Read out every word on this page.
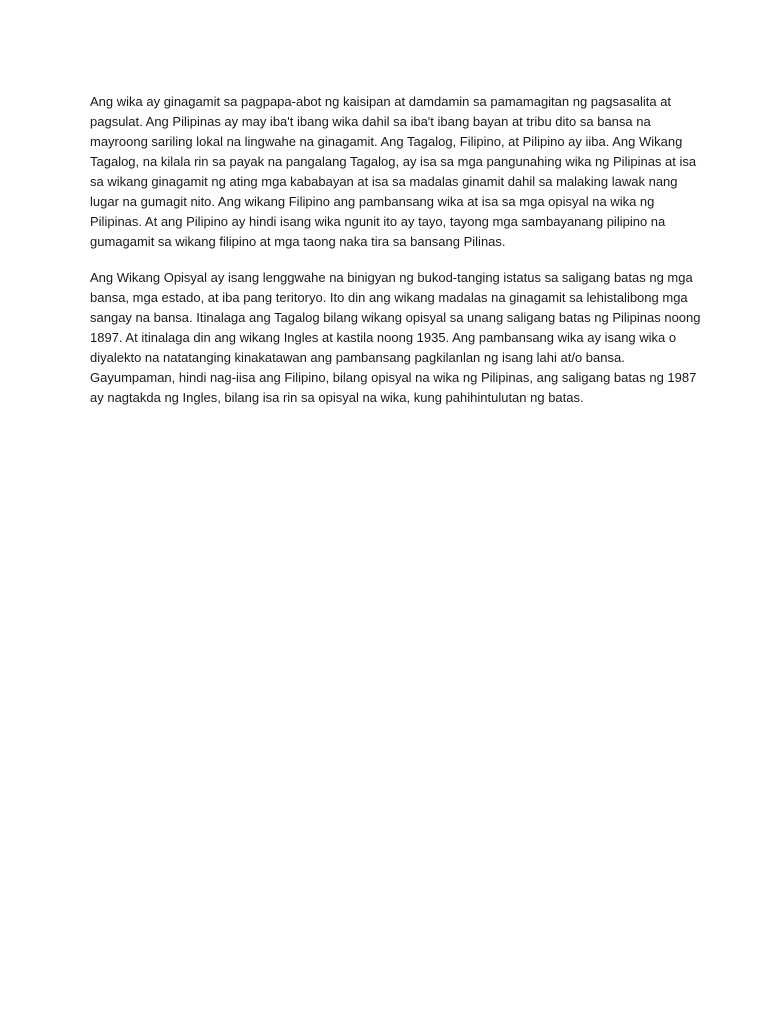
Ang wika ay ginagamit sa pagpapa-abot ng kaisipan at damdamin sa pamamagitan ng pagsasalita at
pagsulat. Ang Pilipinas ay may iba't ibang wika dahil sa iba't ibang bayan at tribu dito sa bansa na
mayroong sariling lokal na lingwahe na ginagamit. Ang Tagalog, Filipino, at Pilipino ay iiba. Ang Wikang
Tagalog, na kilala rin sa payak na pangalang Tagalog, ay isa sa mga pangunahing wika ng Pilipinas at isa
sa wikang ginagamit ng ating mga kababayan at isa sa madalas ginamit dahil sa malaking lawak nang
lugar na gumagit nito. Ang wikang Filipino ang pambansang wika at isa sa mga opisyal na wika ng
Pilipinas. At ang Pilipino ay hindi isang wika ngunit ito ay tayo, tayong mga sambayanang pilipino na
gumagamit sa wikang filipino at mga taong naka tira sa bansang Pilinas.

Ang Wikang Opisyal ay isang lenggwahe na binigyan ng bukod-tanging istatus sa saligang batas ng mga
bansa, mga estado, at iba pang teritoryo. Ito din ang wikang madalas na ginagamit sa lehistalibong mga
sangay na bansa. Itinalaga ang Tagalog bilang wikang opisyal sa unang saligang batas ng Pilipinas noong
1897. At itinalaga din ang wikang Ingles at kastila noong 1935. Ang pambansang wika ay isang wika o
diyalekto na natatanging kinakatawan ang pambansang pagkilanlan ng isang lahi at/o bansa.
Gayumpaman, hindi nag-iisa ang Filipino, bilang opisyal na wika ng Pilipinas, ang saligang batas ng 1987
ay nagtakda ng Ingles, bilang isa rin sa opisyal na wika, kung pahihintulutan ng batas.
